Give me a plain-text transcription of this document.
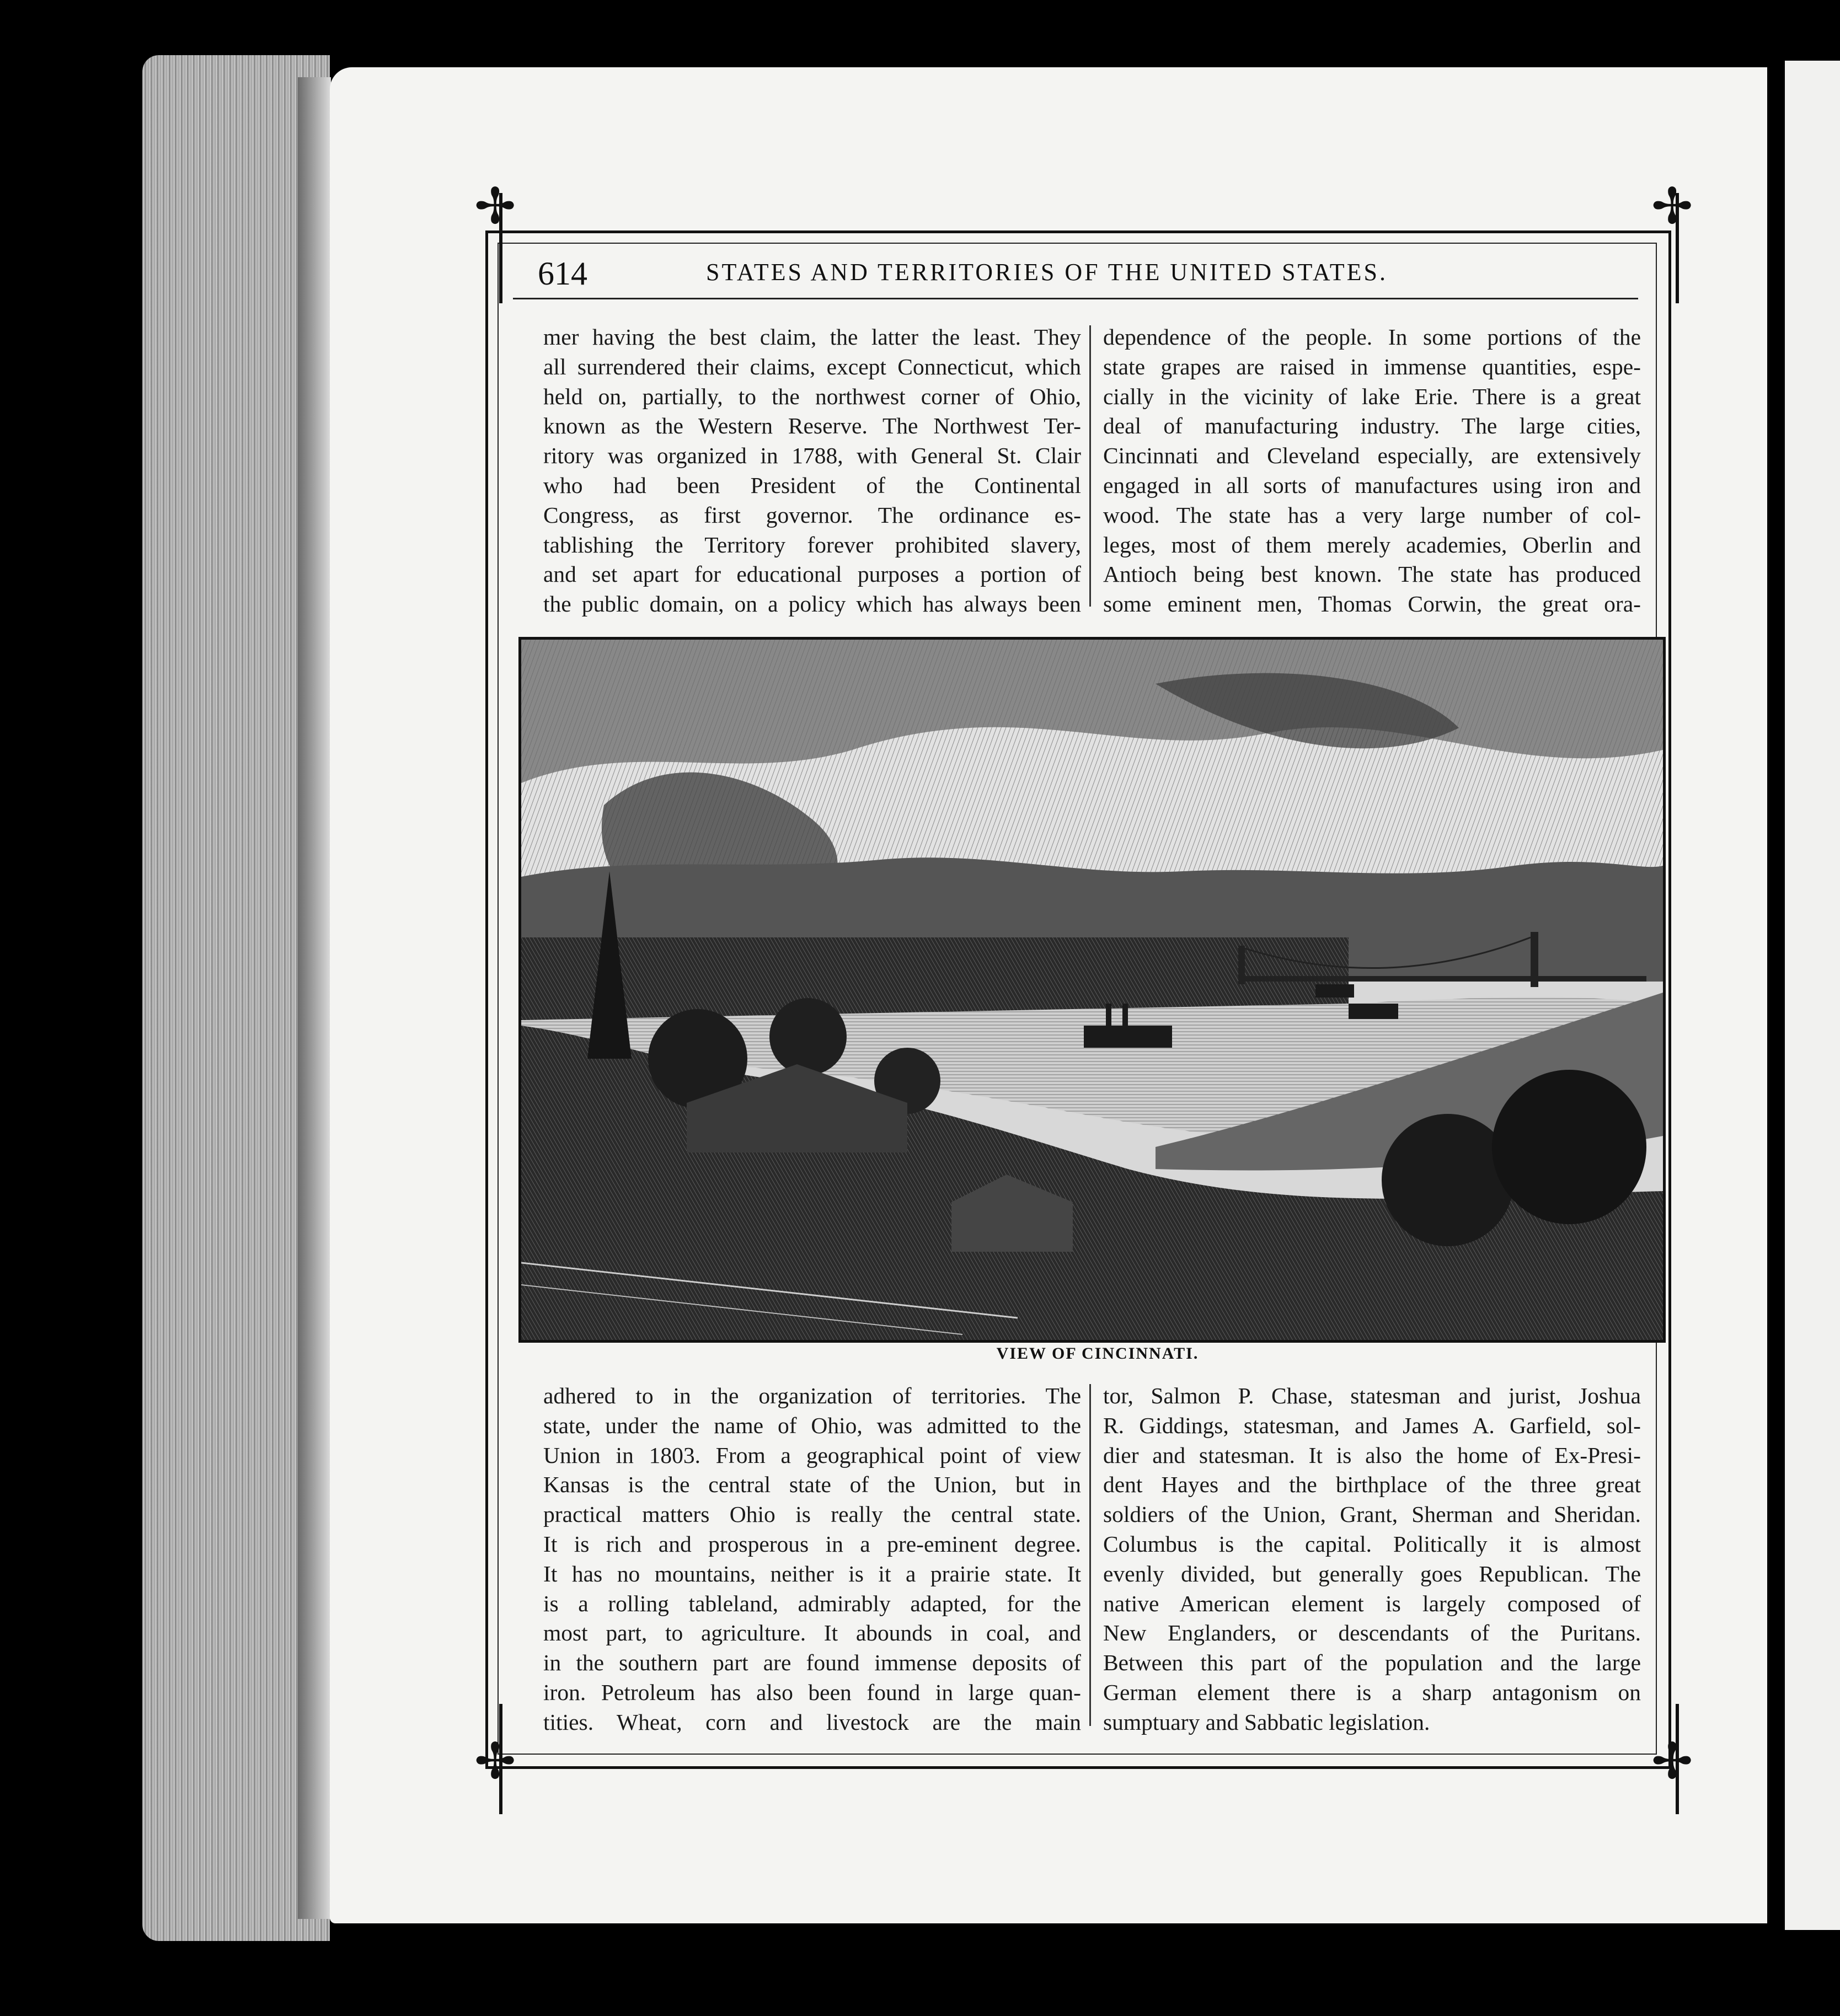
✢	✢
✢	✢
614	STATES AND TERRITORIES OF THE UNITED STATES.
mer having the best claim, the latter the least. They
all surrendered their claims, except Connecticut, which
held on, partially, to the northwest corner of Ohio,
known as the Western Reserve. The Northwest Ter-
ritory was organized in 1788, with General St. Clair
who had been President of the Continental
Congress, as first governor. The ordinance es-
tablishing the Territory forever prohibited slavery,
and set apart for educational purposes a portion of
the public domain, on a policy which has always been
dependence of the people. In some portions of the
state grapes are raised in immense quantities, espe-
cially in the vicinity of lake Erie. There is a great
deal of manufacturing industry. The large cities,
Cincinnati and Cleveland especially, are extensively
engaged in all sorts of manufactures using iron and
wood. The state has a very large number of col-
leges, most of them merely academies, Oberlin and
Antioch being best known. The state has produced
some eminent men, Thomas Corwin, the great ora-
VIEW OF CINCINNATI.
adhered to in the organization of territories. The
state, under the name of Ohio, was admitted to the
Union in 1803. From a geographical point of view
Kansas is the central state of the Union, but in
practical matters Ohio is really the central state.
It is rich and prosperous in a pre-eminent degree.
It has no mountains, neither is it a prairie state. It
is a rolling tableland, admirably adapted, for the
most part, to agriculture. It abounds in coal, and
in the southern part are found immense deposits of
iron. Petroleum has also been found in large quan-
tities. Wheat, corn and livestock are the main
tor, Salmon P. Chase, statesman and jurist, Joshua
R. Giddings, statesman, and James A. Garfield, sol-
dier and statesman. It is also the home of Ex-Presi-
dent Hayes and the birthplace of the three great
soldiers of the Union, Grant, Sherman and Sheridan.
Columbus is the capital. Politically it is almost
evenly divided, but generally goes Republican. The
native American element is largely composed of
New Englanders, or descendants of the Puritans.
Between this part of the population and the large
German element there is a sharp antagonism on
sumptuary and Sabbatic legislation.
